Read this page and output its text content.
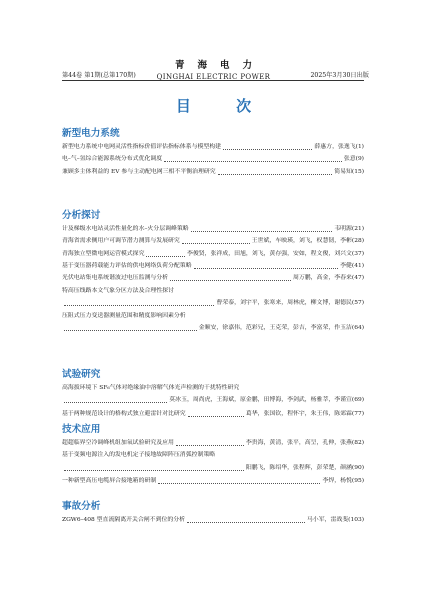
青海电力
QINGHAI ELECTRIC POWER
第44卷 第1期(总第170期)	2025年3月30日出版
目 次
新型电力系统
新型电力系统中电网灵活性指标价值评估指标体系与模型构建	薛惠方，张逸飞(1)
电–气–氢综合能源系统分布式优化调度	张意(9)
兼顾多主体利益的 EV 参与主动配电网三相不平衡治理研究	简易知(15)
分析探讨
计及梯级水电站灵活性量化的水–火分层调峰策略	韦明源(21)
青海省需求侧用户可调节潜力测算与发展研究	王世斌，车映瑛，刘飞，权慧韧，李彬(28)
青海独立型微电网运营模式探究	李俊贤，张祥成，田旭，刘飞，黄存强，安如，程文俊，刘兴文(37)
基于变压器荷载能力评估的供电网络负荷分配策略	李健(41)
光伏电站集电系统谐波过电压监测与分析	周万鹏，高金，李春来(47)
特高压线路本文气象分区方法及合理性探讨
曹荣泰，刘宇平，张寒来，周林虎，柳文博，谢德民(57)
压阻式压力变送器测量范围和精度影响因素分析
金顺安，徐嘉伟，范彩兄，王克荣，彭吉，李富荣，作玉洁(64)
试验研究
高海拔环境下 SF₆气体对绝缘油中溶解气体光声检测的干扰特性研究
莫冰玉，周尚虎，王海斌，原金鹏，田博海，李剑武，杨雅莘，李谨宣(69)
基于两种规范设计的格构式独立避雷针对比研究	葛华，张国钦，程怀宇，朱王伟，陈郊霖(77)
技术应用
超超临界空冷调峰机组加氧试验研究及应用	李贵海，黄清，张平，高呈，孔伸，张燕(82)
基于变频电源注入的发电机定子接地故障阵压消弧控制策略
阳鹏飞，陈绍华，张程辉，彭荣楚，颜涵(90)
一种新型高压电缆屏合接地箱的研制	李焊，杨悦(95)
事故分析
ZGW6–408 型直流隔离开关合闸不到位的分析	马小军，雷战斐(103)
